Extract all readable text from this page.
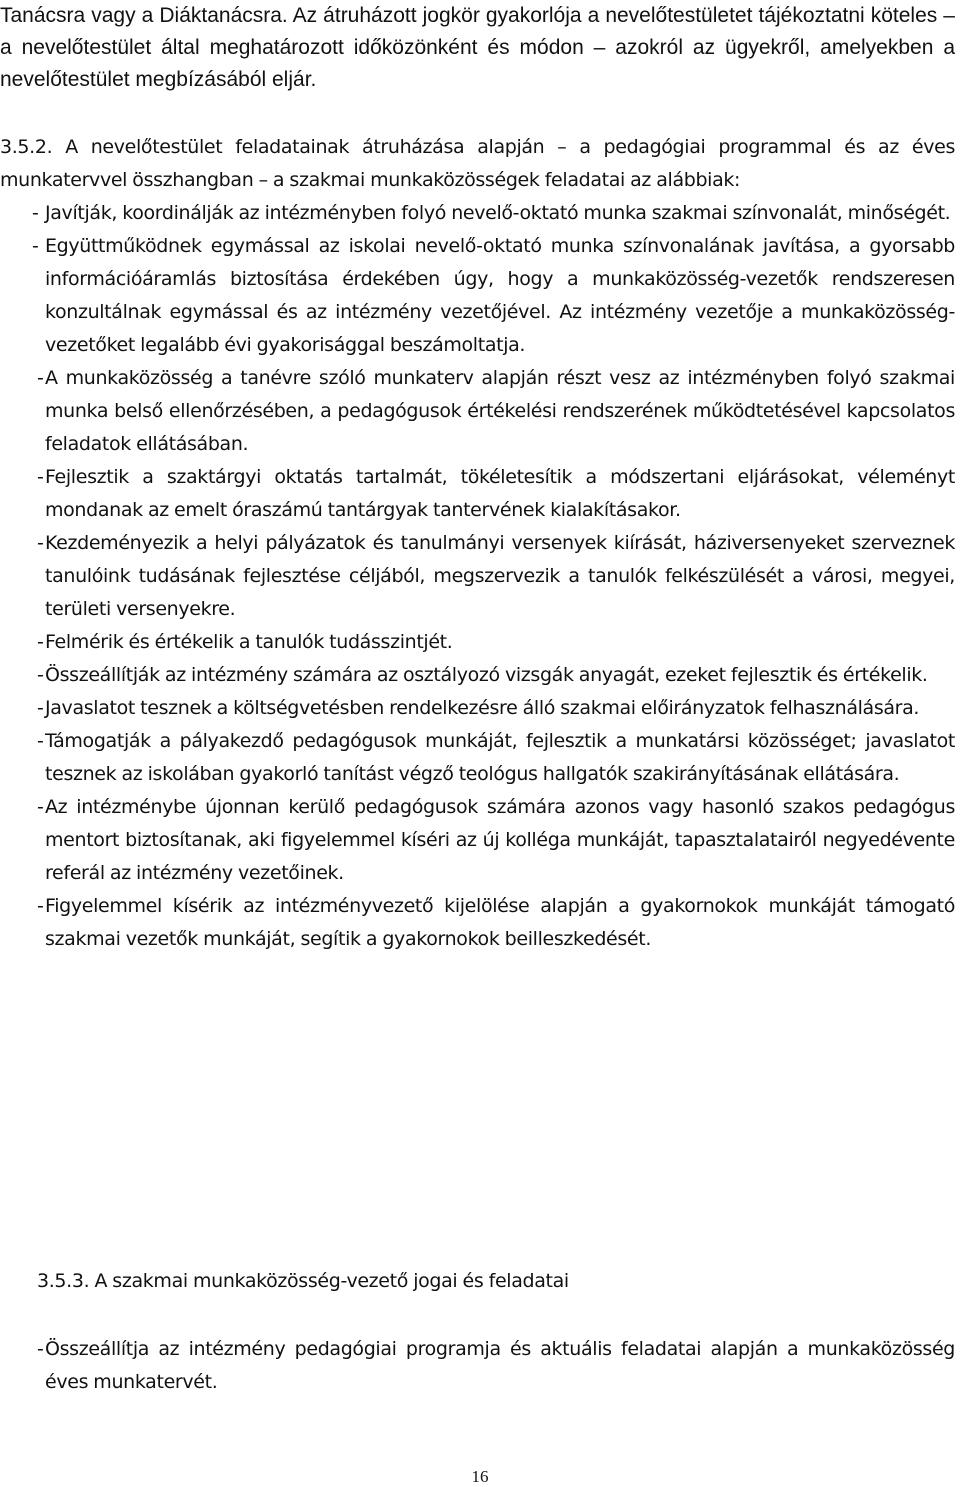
Tanácsra vagy a Diáktanácsra. Az átruházott jogkör gyakorlója a nevelőtestületet tájékoztatni köteles – a nevelőtestület által meghatározott időközönként és módon – azokról az ügyekről, amelyekben a nevelőtestület megbízásából eljár.

3.5.2. A nevelőtestület feladatainak átruházása alapján – a pedagógiai programmal és az éves munkatervvel összhangban – a szakmai munkaközösségek feladatai az alábbiak:

- Javítják, koordinálják az intézményben folyó nevelő-oktató munka szakmai színvonalát, minőségét.
- Együttműködnek egymással az iskolai nevelő-oktató munka színvonalának javítása, a gyorsabb információáramlás biztosítása érdekében úgy, hogy a munkaközösség-vezetők rendszeresen konzultálnak egymással és az intézmény vezetőjével. Az intézmény vezetője a munkaközösség-vezetőket legalább évi gyakorisággal beszámoltatja.
- A munkaközösség a tanévre szóló munkaterv alapján részt vesz az intézményben folyó szakmai munka belső ellenőrzésében, a pedagógusok értékelési rendszerének működtetésével kapcsolatos feladatok ellátásában.
- Fejlesztik a szaktárgyi oktatás tartalmát, tökéletesítik a módszertani eljárásokat, véleményt mondanak az emelt óraszámú tantárgyak tantervének kialakításakor.
- Kezdeményezik a helyi pályázatok és tanulmányi versenyek kiírását, háziversenyeket szerveznek tanulóink tudásának fejlesztése céljából, megszervezik a tanulók felkészülését a városi, megyei, területi versenyekre.
- Felmérik és értékelik a tanulók tudásszintjét.
- Összeállítják az intézmény számára az osztályozó vizsgák anyagát, ezeket fejlesztik és értékelik.
- Javaslatot tesznek a költségvetésben rendelkezésre álló szakmai előirányzatok felhasználására.
- Támogatják a pályakezdő pedagógusok munkáját, fejlesztik a munkatársi közösséget; javaslatot tesznek az iskolában gyakorló tanítást végző teológus hallgatók szakirányításának ellátására.
- Az intézménybe újonnan kerülő pedagógusok számára azonos vagy hasonló szakos pedagógus mentort biztosítanak, aki figyelemmel kíséri az új kolléga munkáját, tapasztalatairól negyedévente referál az intézmény vezetőinek.
- Figyelemmel kísérik az intézményvezető kijelölése alapján a gyakornokok munkáját támogató szakmai vezetők munkáját, segítik a gyakornokok beilleszkedését.
3.5.3. A szakmai munkaközösség-vezető jogai és feladatai
- Összeállítja az intézmény pedagógiai programja és aktuális feladatai alapján a munkaközösség éves munkatervét.
16
